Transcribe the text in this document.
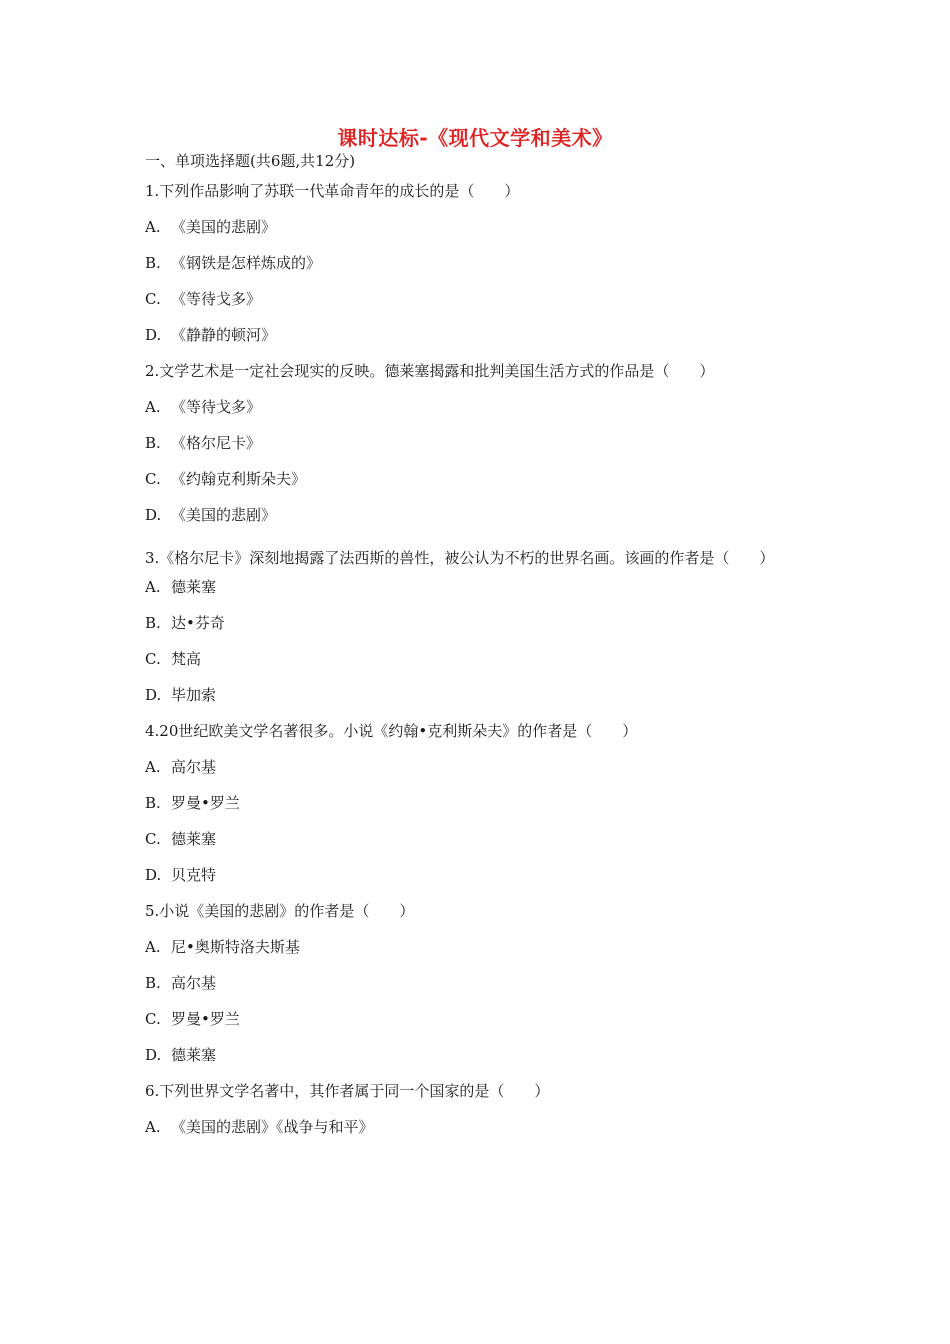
课时达标-《现代文学和美术》
一、单项选择题(共6题,共12分)
1.下列作品影响了苏联一代革命青年的成长的是（　　）
A. 《美国的悲剧》
B. 《钢铁是怎样炼成的》
C. 《等待戈多》
D. 《静静的顿河》
2.文学艺术是一定社会现实的反映。德莱塞揭露和批判美国生活方式的作品是（　　）
A. 《等待戈多》
B. 《格尔尼卡》
C. 《约翰克利斯朵夫》
D. 《美国的悲剧》
3.《格尔尼卡》深刻地揭露了法西斯的兽性，被公认为不朽的世界名画。该画的作者是（　　）
A. 德莱塞
B. 达•芬奇
C. 梵高
D. 毕加索
4.20世纪欧美文学名著很多。小说《约翰•克利斯朵夫》的作者是（　　）
A. 高尔基
B. 罗曼•罗兰
C. 德莱塞
D. 贝克特
5.小说《美国的悲剧》的作者是（　　）
A. 尼•奥斯特洛夫斯基
B. 高尔基
C. 罗曼•罗兰
D. 德莱塞
6.下列世界文学名著中，其作者属于同一个国家的是（　　）
A. 《美国的悲剧》《战争与和平》
